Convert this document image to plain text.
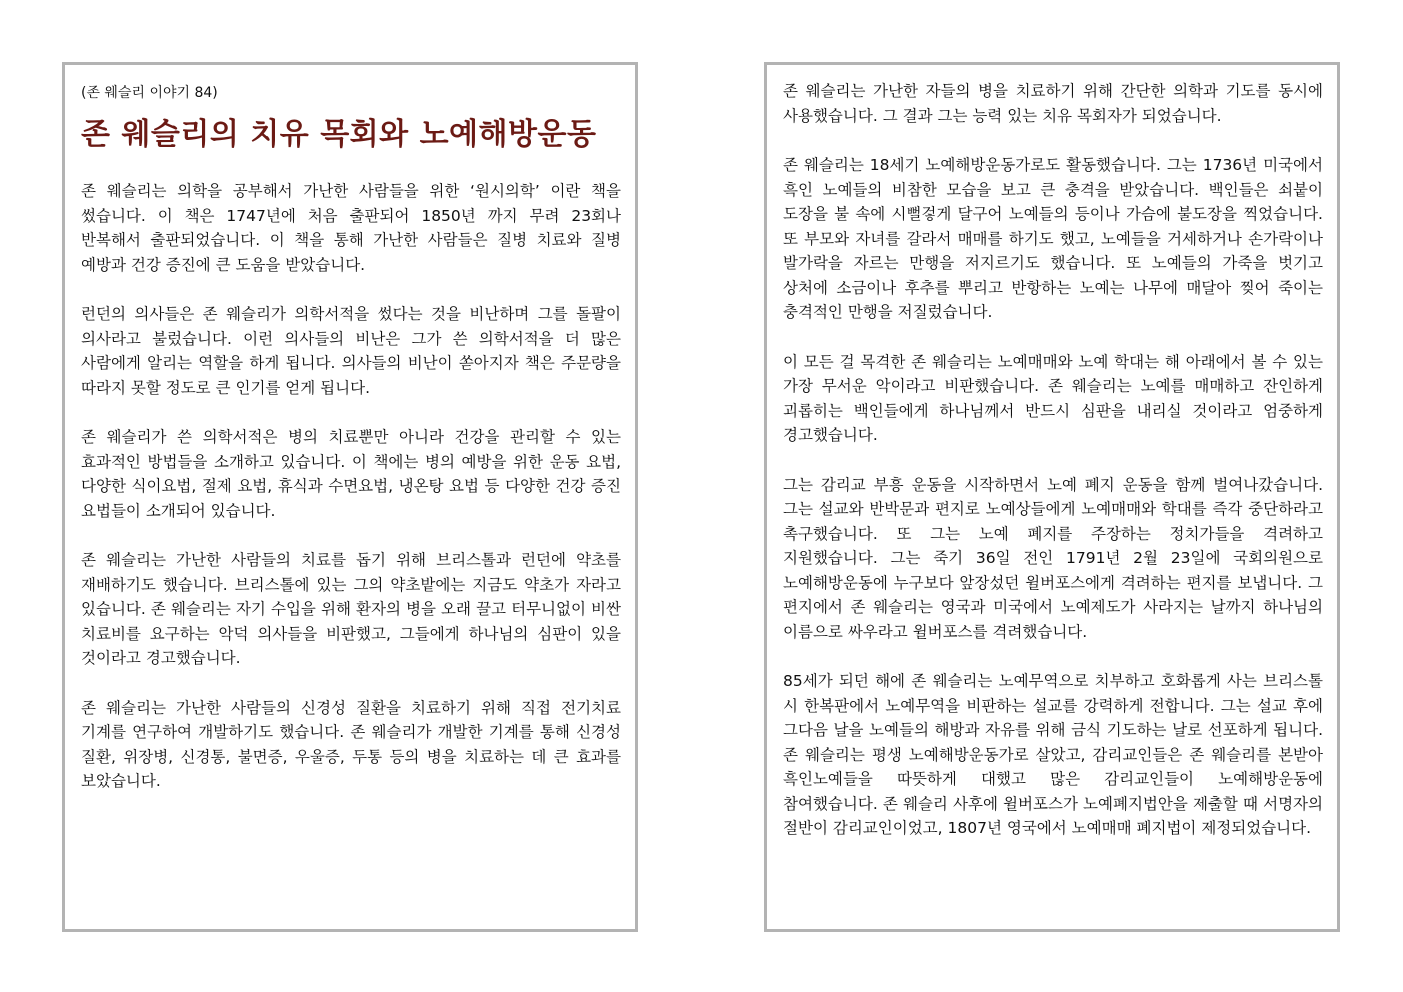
(존 웨슬리 이야기 84)
존 웨슬리의 치유 목회와 노예해방운동

존 웨슬리는 의학을 공부해서 가난한 사람들을 위한 ‘원시의학’ 이란 책을 썼습니다. 이 책은 1747년에 처음 출판되어 1850년 까지 무려 23회나 반복해서 출판되었습니다. 이 책을 통해 가난한 사람들은 질병 치료와 질병 예방과 건강 증진에 큰 도움을 받았습니다.

런던의 의사들은 존 웨슬리가 의학서적을 썼다는 것을 비난하며 그를 돌팔이 의사라고 불렀습니다. 이런 의사들의 비난은 그가 쓴 의학서적을 더 많은 사람에게 알리는 역할을 하게 됩니다. 의사들의 비난이 쏟아지자 책은 주문량을 따라지 못할 정도로 큰 인기를 얻게 됩니다.

존 웨슬리가 쓴 의학서적은 병의 치료뿐만 아니라 건강을 관리할 수 있는 효과적인 방법들을 소개하고 있습니다. 이 책에는 병의 예방을 위한 운동 요법, 다양한 식이요법, 절제 요법, 휴식과 수면요법, 냉온탕 요법 등 다양한 건강 증진 요법들이 소개되어 있습니다.

존 웨슬리는 가난한 사람들의 치료를 돕기 위해 브리스톨과 런던에 약초를 재배하기도 했습니다. 브리스톨에 있는 그의 약초밭에는 지금도 약초가 자라고 있습니다. 존 웨슬리는 자기 수입을 위해 환자의 병을 오래 끌고 터무니없이 비싼 치료비를 요구하는 악덕 의사들을 비판했고, 그들에게 하나님의 심판이 있을 것이라고 경고했습니다.

존 웨슬리는 가난한 사람들의 신경성 질환을 치료하기 위해 직접 전기치료 기계를 연구하여 개발하기도 했습니다. 존 웨슬리가 개발한 기계를 통해 신경성 질환, 위장병, 신경통, 불면증, 우울증, 두통 등의 병을 치료하는 데 큰 효과를 보았습니다.

존 웨슬리는 가난한 자들의 병을 치료하기 위해 간단한 의학과 기도를 동시에 사용했습니다. 그 결과 그는 능력 있는 치유 목회자가 되었습니다.

존 웨슬리는 18세기 노예해방운동가로도 활동했습니다. 그는 1736년 미국에서 흑인 노예들의 비참한 모습을 보고 큰 충격을 받았습니다. 백인들은 쇠붙이 도장을 불 속에 시뻘겋게 달구어 노예들의 등이나 가슴에 불도장을 찍었습니다. 또 부모와 자녀를 갈라서 매매를 하기도 했고, 노예들을 거세하거나 손가락이나 발가락을 자르는 만행을 저지르기도 했습니다. 또 노예들의 가죽을 벗기고 상처에 소금이나 후추를 뿌리고 반항하는 노예는 나무에 매달아 찢어 죽이는 충격적인 만행을 저질렀습니다.

이 모든 걸 목격한 존 웨슬리는 노예매매와 노예 학대는 해 아래에서 볼 수 있는 가장 무서운 악이라고 비판했습니다. 존 웨슬리는 노예를 매매하고 잔인하게 괴롭히는 백인들에게 하나님께서 반드시 심판을 내리실 것이라고 엄중하게 경고했습니다.

그는 감리교 부흥 운동을 시작하면서 노예 폐지 운동을 함께 벌여나갔습니다. 그는 설교와 반박문과 편지로 노예상들에게 노예매매와 학대를 즉각 중단하라고 촉구했습니다. 또 그는 노예 폐지를 주장하는 정치가들을 격려하고 지원했습니다. 그는 죽기 36일 전인 1791년 2월 23일에 국회의원으로 노예해방운동에 누구보다 앞장섰던 윌버포스에게 격려하는 편지를 보냅니다. 그 편지에서 존 웨슬리는 영국과 미국에서 노예제도가 사라지는 날까지 하나님의 이름으로 싸우라고 윌버포스를 격려했습니다.

85세가 되던 해에 존 웨슬리는 노예무역으로 치부하고 호화롭게 사는 브리스톨 시 한복판에서 노예무역을 비판하는 설교를 강력하게 전합니다. 그는 설교 후에 그다음 날을 노예들의 해방과 자유를 위해 금식 기도하는 날로 선포하게 됩니다. 존 웨슬리는 평생 노예해방운동가로 살았고, 감리교인들은 존 웨슬리를 본받아 흑인노예들을 따뜻하게 대했고 많은 감리교인들이 노예해방운동에 참여했습니다. 존 웨슬리 사후에 윌버포스가 노예폐지법안을 제출할 때 서명자의 절반이 감리교인이었고, 1807년 영국에서 노예매매 폐지법이 제정되었습니다.
